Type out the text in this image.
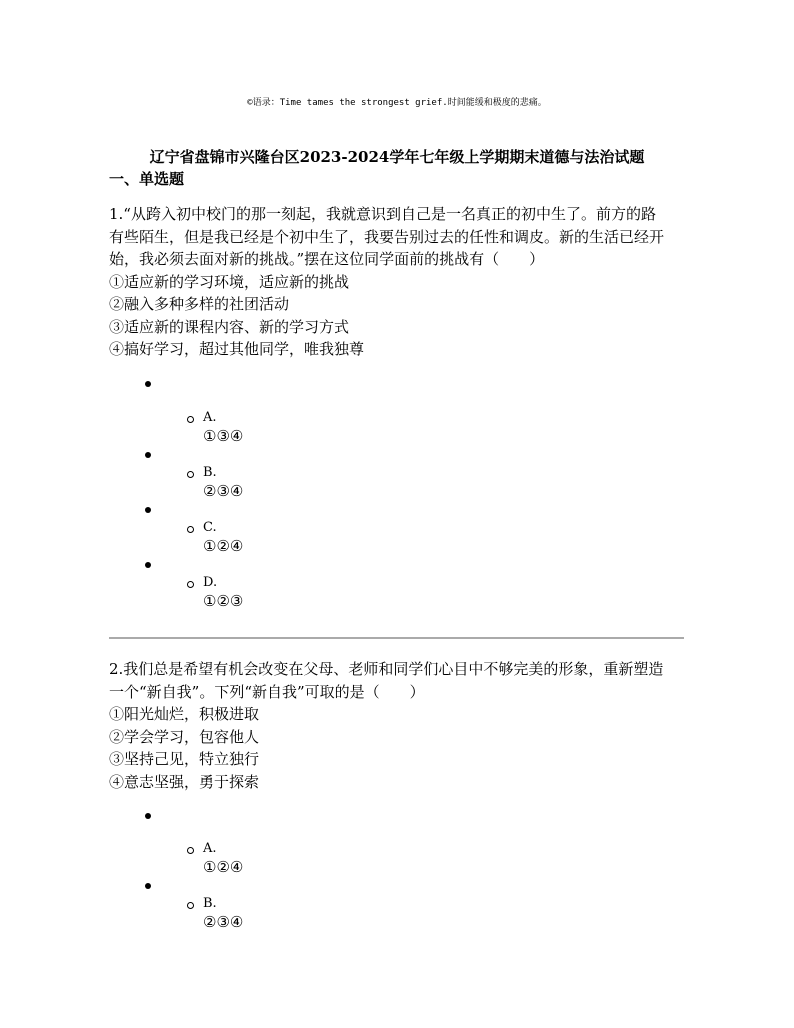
©语录：Time tames the strongest grief.时间能缓和极度的悲痛。
辽宁省盘锦市兴隆台区2023-2024学年七年级上学期期末道德与法治试题
一、单选题

1.“从跨入初中校门的那一刻起，我就意识到自己是一名真正的初中生了。前方的路

有些陌生，但是我已经是个初中生了，我要告别过去的任性和调皮。新的生活已经开

始，我必须去面对新的挑战。”摆在这位同学面前的挑战有（　　）

①适应新的学习环境，适应新的挑战

②融入多种多样的社团活动

③适应新的课程内容、新的学习方式

④搞好学习，超过其他同学，唯我独尊

A.
①③④
B.
②③④
C.
①②④
D.
①②③

2.我们总是希望有机会改变在父母、老师和同学们心目中不够完美的形象，重新塑造

一个“新自我”。下列“新自我”可取的是（　　）

①阳光灿烂，积极进取

②学会学习，包容他人

③坚持己见，特立独行

④意志坚强，勇于探索

A.
①②④
B.
②③④
